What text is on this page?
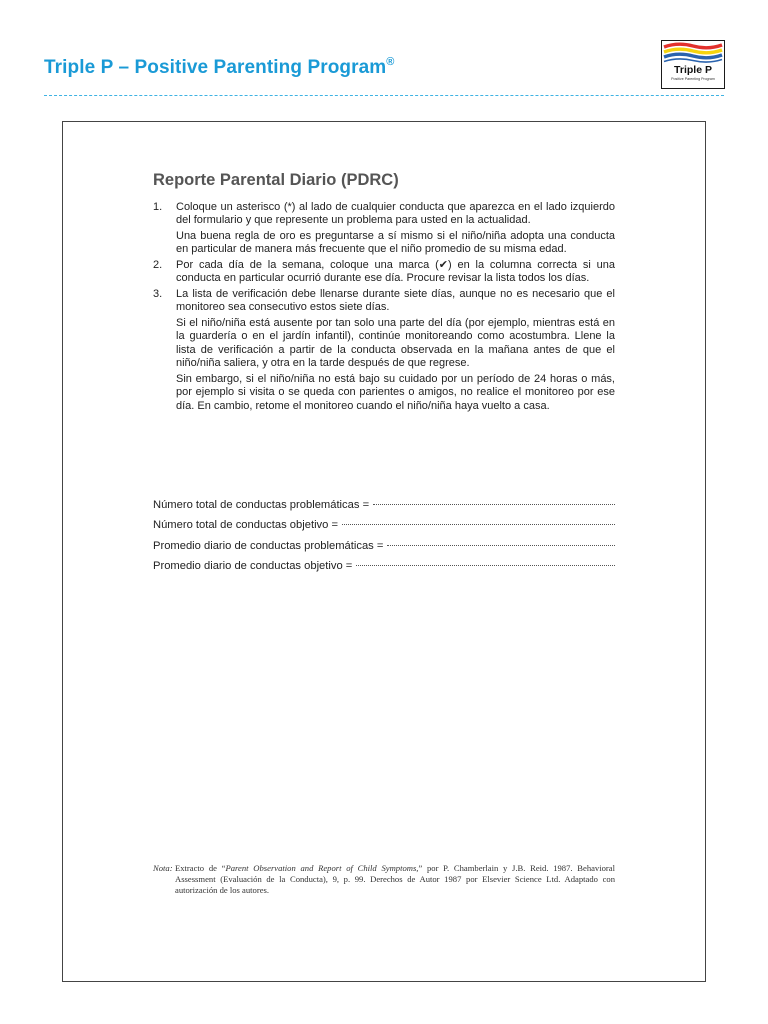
Triple P – Positive Parenting Program®
Triple P
Positive Parenting Program
Reporte Parental Diario (PDRC)
1.	Coloque un asterisco (*) al lado de cualquier conducta que aparezca en el lado izquierdo del formulario y que represente un problema para usted en la actualidad.

Una buena regla de oro es preguntarse a sí mismo si el niño/niña adopta una conducta en particular de manera más frecuente que el niño promedio de su misma edad.

2.	Por cada día de la semana, coloque una marca (✔) en la columna correcta si una conducta en particular ocurrió durante ese día. Procure revisar la lista todos los días.

3.	La lista de verificación debe llenarse durante siete días, aunque no es necesario que el monitoreo sea consecutivo estos siete días.

Si el niño/niña está ausente por tan solo una parte del día (por ejemplo, mientras está en la guardería o en el jardín infantil), continúe monitoreando como acostumbra. Llene la lista de verificación a partir de la conducta observada en la mañana antes de que el niño/niña saliera, y otra en la tarde después de que regrese.

Sin embargo, si el niño/niña no está bajo su cuidado por un período de 24 horas o más, por ejemplo si visita o se queda con parientes o amigos, no realice el monitoreo por ese día. En cambio, retome el monitoreo cuando el niño/niña haya vuelto a casa.

Número total de conductas problemáticas =
Número total de conductas objetivo =
Promedio diario de conductas problemáticas =
Promedio diario de conductas objetivo =
Nota: Extracto de “Parent Observation and Report of Child Symptoms,” por P. Chamberlain y J.B. Reid. 1987. Behavioral Assessment (Evaluación de la Conducta), 9, p. 99. Derechos de Autor 1987 por Elsevier Science Ltd. Adaptado con autorización de los autores.
